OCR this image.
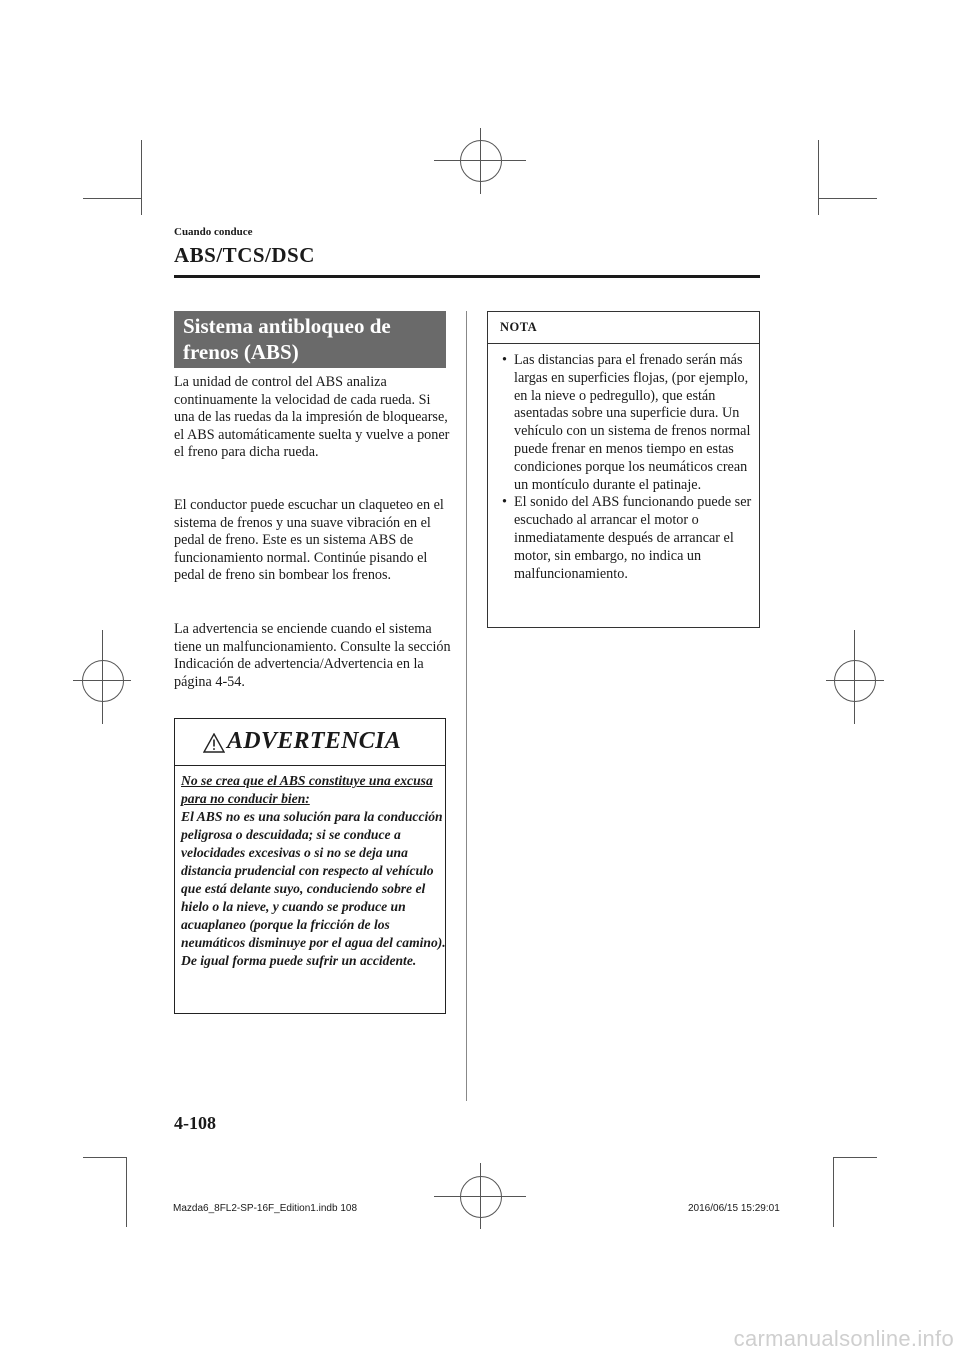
Cuando conduce
ABS/TCS/DSC
Sistema antibloqueo de
frenos (ABS)
La unidad de control del ABS analiza continuamente la velocidad de cada rueda. Si una de las ruedas da la impresión de bloquearse, el ABS automáticamente suelta y vuelve a poner el freno para dicha rueda.
El conductor puede escuchar un claqueteo en el sistema de frenos y una suave vibración en el pedal de freno. Este es un sistema ABS de funcionamiento normal. Continúe pisando el pedal de freno sin bombear los frenos.
La advertencia se enciende cuando el sistema tiene un malfuncionamiento. Consulte la sección Indicación de advertencia/Advertencia en la página 4-54.
ADVERTENCIA
No se crea que el ABS constituye una excusa para no conducir bien:
El ABS no es una solución para la conducción peligrosa o descuidada; si se conduce a velocidades excesivas o si no se deja una distancia prudencial con respecto al vehículo que está delante suyo, conduciendo sobre el hielo o la nieve, y cuando se produce un acuaplaneo (porque la fricción de los neumáticos disminuye por el agua del camino). De igual forma puede sufrir un accidente.
NOTA
• Las distancias para el frenado serán más largas en superficies flojas, (por ejemplo, en la nieve o pedregullo), que están asentadas sobre una superficie dura. Un vehículo con un sistema de frenos normal puede frenar en menos tiempo en estas condiciones porque los neumáticos crean un montículo durante el patinaje.
• El sonido del ABS funcionando puede ser escuchado al arrancar el motor o inmediatamente después de arrancar el motor, sin embargo, no indica un malfuncionamiento.
4-108
Mazda6_8FL2-SP-16F_Edition1.indb 108	2016/06/15 15:29:01
carmanualsonline.info
